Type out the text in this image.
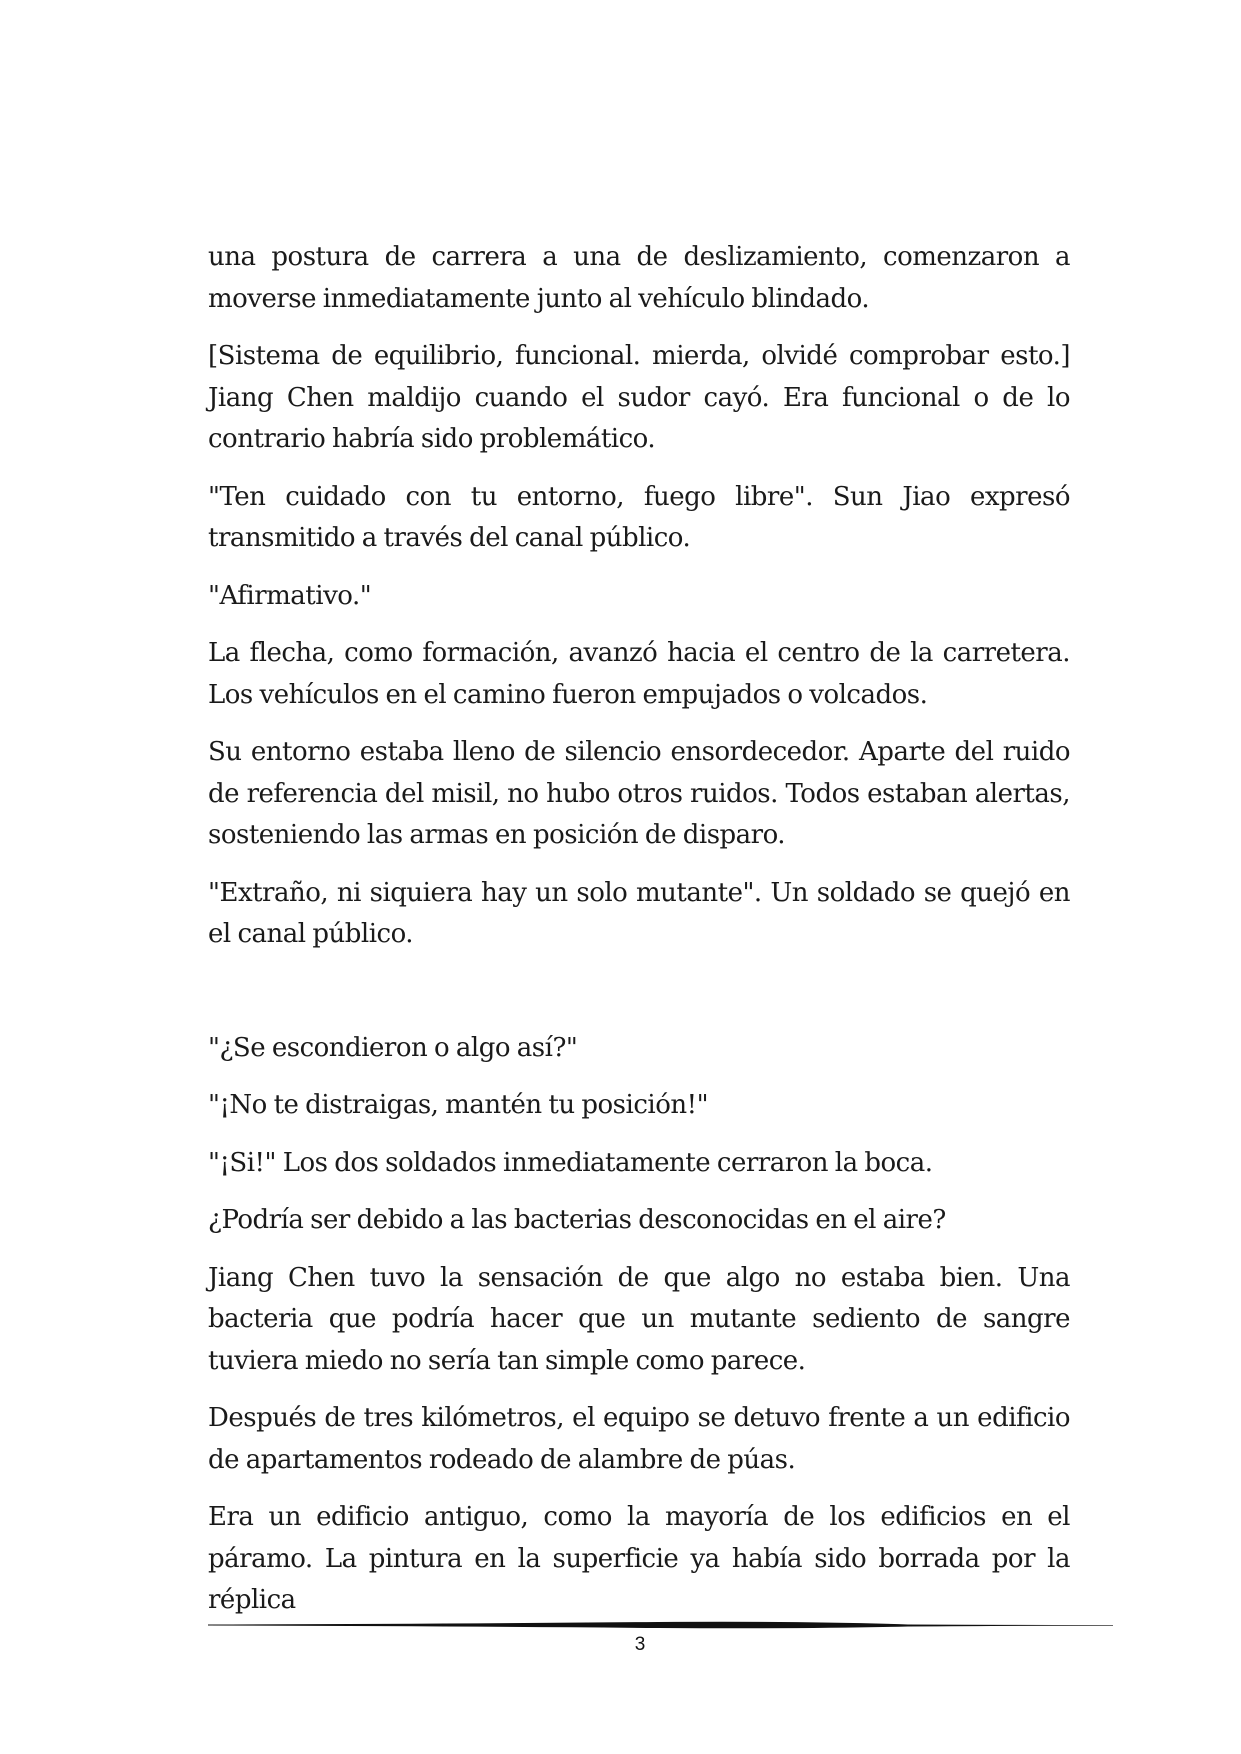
una postura de carrera a una de deslizamiento, comenzaron a moverse inmediatamente junto al vehículo blindado.

[Sistema de equilibrio, funcional. mierda, olvidé comprobar esto.] Jiang Chen maldijo cuando el sudor cayó. Era funcional o de lo contrario habría sido problemático.

"Ten cuidado con tu entorno, fuego libre". Sun Jiao expresó transmitido a través del canal público.

"Afirmativo."

La flecha, como formación, avanzó hacia el centro de la carretera. Los vehículos en el camino fueron empujados o volcados.

Su entorno estaba lleno de silencio ensordecedor. Aparte del ruido de referencia del misil, no hubo otros ruidos. Todos estaban alertas, sosteniendo las armas en posición de disparo.

"Extraño, ni siquiera hay un solo mutante". Un soldado se quejó en el canal público.

"¿Se escondieron o algo así?"

"¡No te distraigas, mantén tu posición!"

"¡Si!" Los dos soldados inmediatamente cerraron la boca.

¿Podría ser debido a las bacterias desconocidas en el aire?

Jiang Chen tuvo la sensación de que algo no estaba bien. Una bacteria que podría hacer que un mutante sediento de sangre tuviera miedo no sería tan simple como parece.

Después de tres kilómetros, el equipo se detuvo frente a un edificio de apartamentos rodeado de alambre de púas.

Era un edificio antiguo, como la mayoría de los edificios en el páramo. La pintura en la superficie ya había sido borrada por la réplica

3
